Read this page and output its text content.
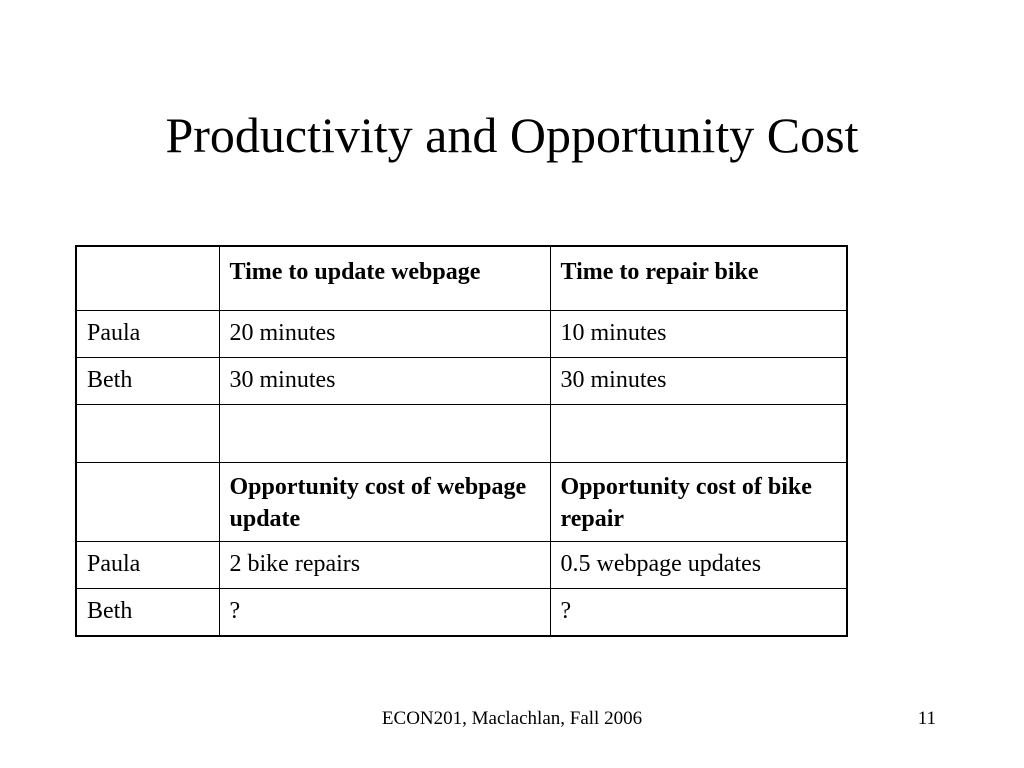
Productivity and Opportunity Cost
	Time to update webpage	Time to repair bike
Paula	20 minutes	10 minutes
Beth	30 minutes	30 minutes

	Opportunity cost of webpage update	Opportunity cost of bike repair
Paula	2 bike repairs	0.5 webpage updates
Beth	?	?
ECON201, Maclachlan, Fall 2006	11
